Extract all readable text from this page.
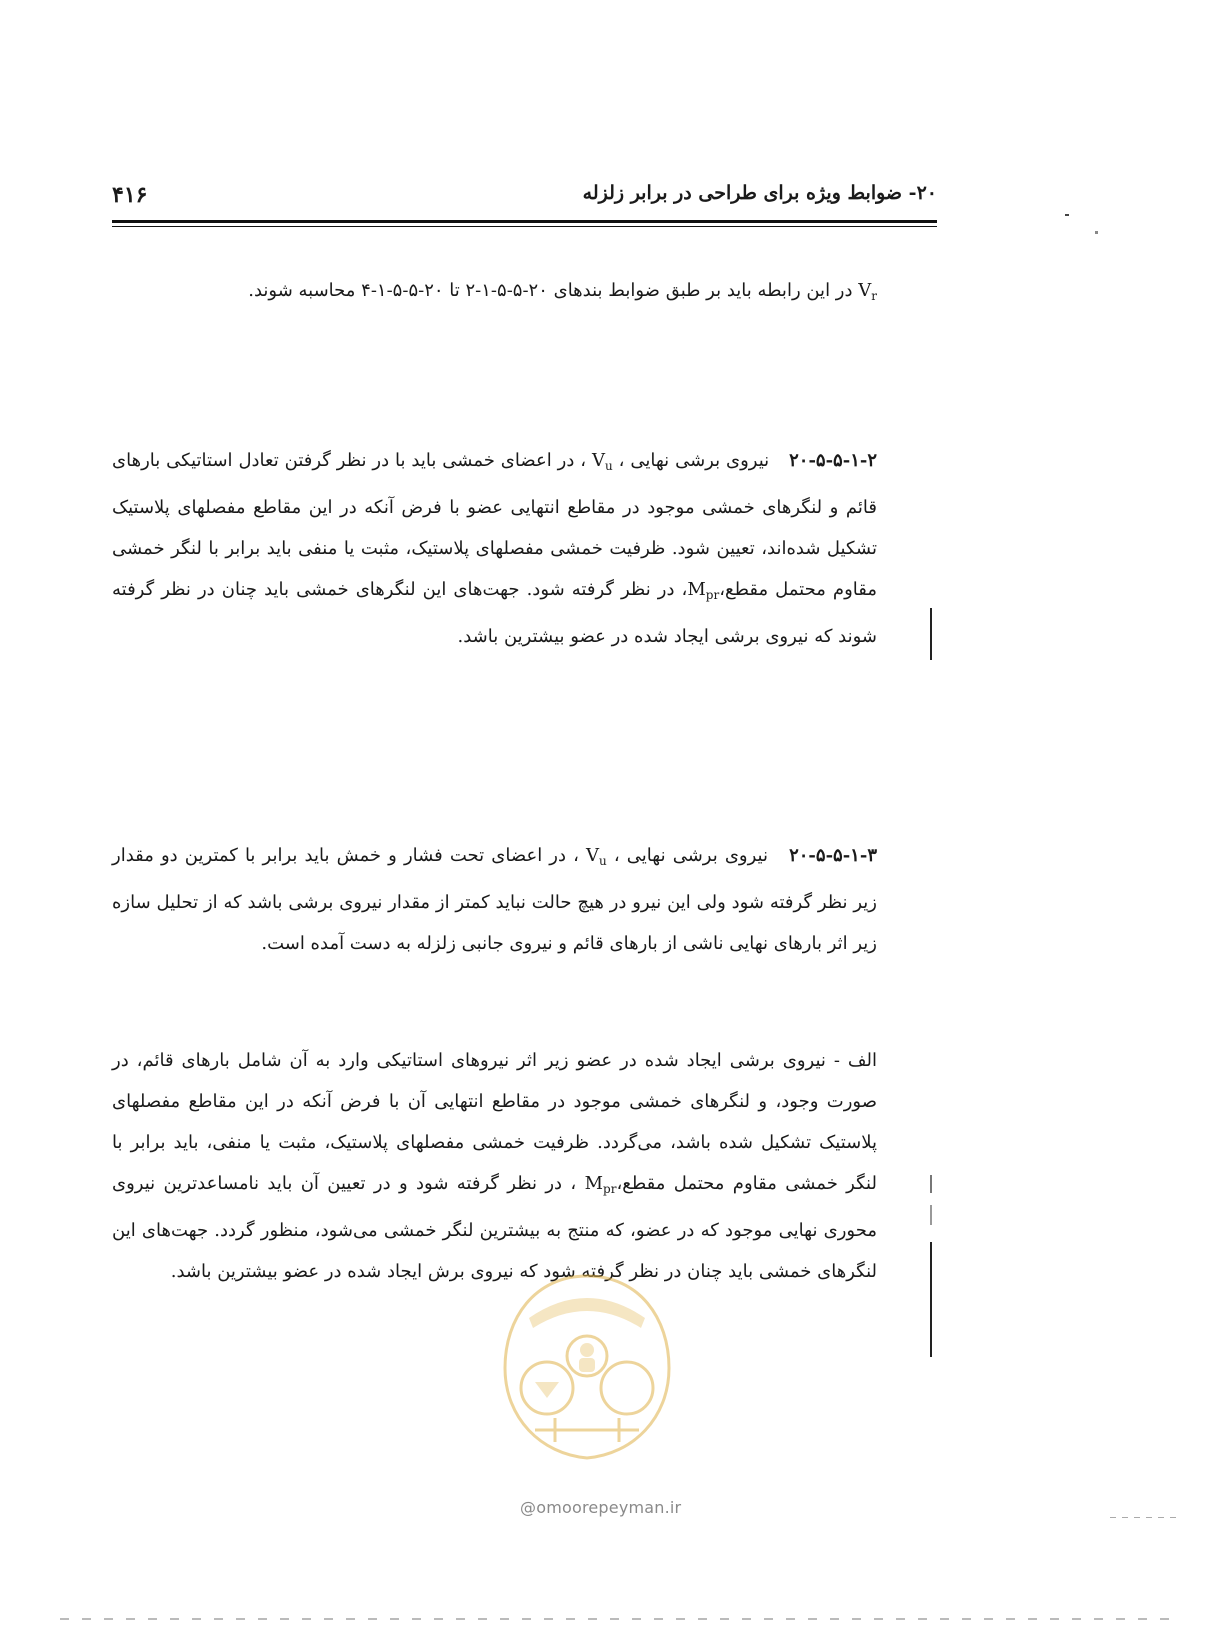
۲۰- ضوابط ویژه برای طراحی در برابر زلزله
۴۱۶
$V_r$ در این رابطه باید بر طبق ضوابط بندهای ۲۰-۵-۵-۱-۲ تا ۲۰-۵-۵-۱-۴ محاسبه شوند.
۲۰-۵-۵-۱-۲ نیروی برشی نهایی ، $V_u$ ، در اعضای خمشی باید با در نظر گرفتن تعادل استاتیکی بارهای قائم و لنگرهای خمشی موجود در مقاطع انتهایی عضو با فرض آنکه در این مقاطع مفصلهای پلاستیک تشکیل شده‌اند، تعیین شود. ظرفیت خمشی مفصلهای پلاستیک، مثبت یا منفی باید برابر با لنگر خمشی مقاوم محتمل $مقطع،M_{pr}،$ در نظر گرفته شود. جهت‌های این لنگرهای خمشی باید چنان در نظر گرفته شوند که نیروی برشی ایجاد شده در عضو بیشترین باشد.
۲۰-۵-۵-۱-۳ نیروی برشی نهایی ، $V_u$ ، در اعضای تحت فشار و خمش باید برابر با کمترین دو مقدار زیر نظر گرفته شود ولی این نیرو در هیچ حالت نباید کمتر از مقدار نیروی برشی باشد که از تحلیل سازه زیر اثر بارهای نهایی ناشی از بارهای قائم و نیروی جانبی زلزله به دست آمده است.
الف - نیروی برشی ایجاد شده در عضو زیر اثر نیروهای استاتیکی وارد به آن شامل بارهای قائم، در صورت وجود، و لنگرهای خمشی موجود در مقاطع انتهایی آن با فرض آنکه در این مقاطع مفصلهای پلاستیک تشکیل شده باشد، می‌گردد. ظرفیت خمشی مفصلهای پلاستیک، مثبت یا منفی، باید برابر با لنگر خمشی مقاوم محتمل $مقطع،M_{pr}$ ، در نظر گرفته شود و در تعیین آن باید نامساعدترین نیروی محوری نهایی موجود که در عضو، که منتج به بیشترین لنگر خمشی می‌شود، منظور گردد. جهت‌های این لنگرهای خمشی باید چنان در نظر گرفته شود که نیروی برش ایجاد شده در عضو بیشترین باشد.
@omoorepeyman.ir
